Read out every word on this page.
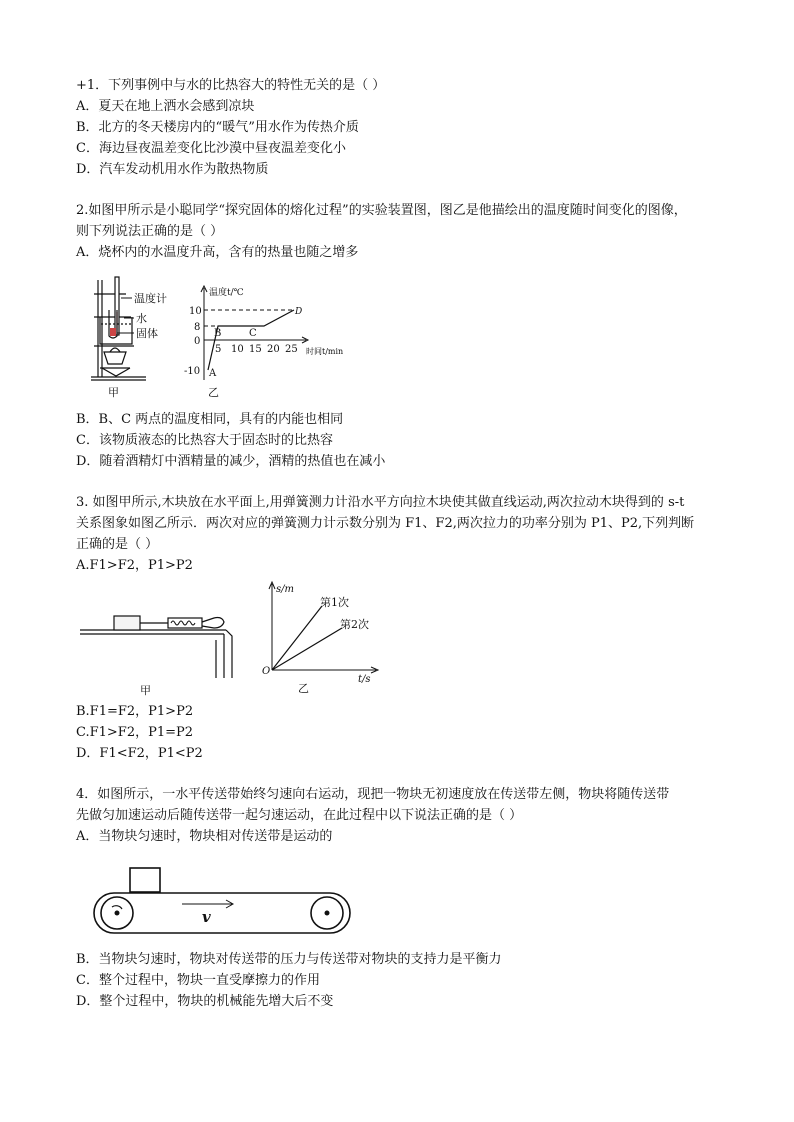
+1．下列事例中与水的比热容大的特性无关的是（ ）
A．夏天在地上洒水会感到凉块
B．北方的冬天楼房内的“暖气”用水作为传热介质
C．海边昼夜温差变化比沙漠中昼夜温差变化小
D．汽车发动机用水作为散热物质
2.如图甲所示是小聪同学“探究固体的熔化过程”的实验装置图，图乙是他描绘出的温度随时间变化的图像，
则下列说法正确的是（ ）
A．烧杯内的水温度升高，含有的热量也随之增多
温度计
水
固体
甲
温度t/℃
时间t/min
10
8
0
-10
5 10 15 20 25
A
B	C
D
乙
B．B、C 两点的温度相同，具有的内能也相同
C．该物质液态的比热容大于固态时的比热容
D．随着酒精灯中酒精量的减少，酒精的热值也在减小
3. 如图甲所示,木块放在水平面上,用弹簧测力计沿水平方向拉木块使其做直线运动,两次拉动木块得到的 s-t
关系图象如图乙所示．两次对应的弹簧测力计示数分别为 F1、F2,两次拉力的功率分别为 P1、P2,下列判断
正确的是（ ）
A.F1>F2，P1>P2
甲
s/m
t/s
O
第1次
第2次
乙
B.F1=F2，P1>P2
C.F1>F2，P1=P2
D．F1<F2，P1<P2
4．如图所示，一水平传送带始终匀速向右运动，现把一物块无初速度放在传送带左侧，物块将随传送带
先做匀加速运动后随传送带一起匀速运动，在此过程中以下说法正确的是（ ）
A．当物块匀速时，物块相对传送带是运动的
v
B．当物块匀速时，物块对传送带的压力与传送带对物块的支持力是平衡力
C．整个过程中，物块一直受摩擦力的作用
D．整个过程中，物块的机械能先增大后不变
